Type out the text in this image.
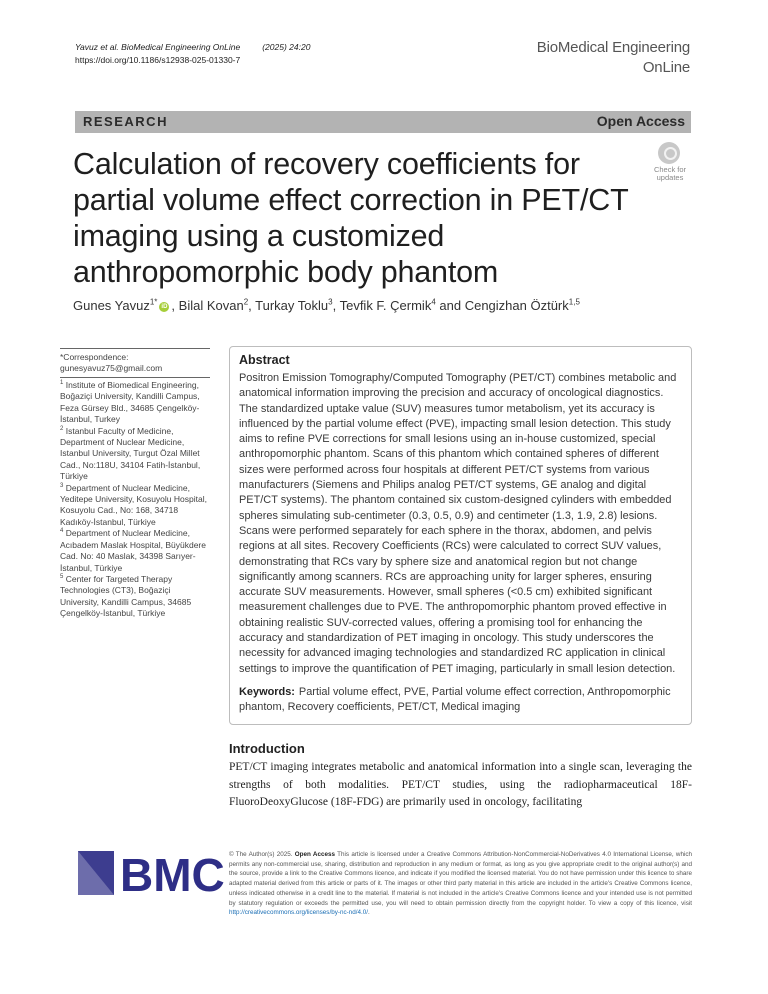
Yavuz et al. BioMedical Engineering OnLine	(2025) 24:20
https://doi.org/10.1186/s12938-025-01330-7
BioMedical Engineering
OnLine
RESEARCH	Open Access
Calculation of recovery coefficients for partial volume effect correction in PET/CT imaging using a customized anthropomorphic body phantom
Check for
updates
Gunes Yavuz$^{1*}$ iD , Bilal Kovan$^2$, Turkay Toklu$^3$, Tevfik F. Çermik$^4$ and Cengizhan Öztürk$^{1,5}$
*Correspondence:
gunesyavuz75@gmail.com
$^1$ Institute of Biomedical Engineering, Boğaziçi University, Kandilli Campus, Feza Gürsey Bld., 34685 Çengelköy-İstanbul, Turkey
$^2$ Istanbul Faculty of Medicine, Department of Nuclear Medicine, Istanbul University, Turgut Özal Millet Cad., No:118U, 34104 Fatih-İstanbul, Türkiye
$^3$ Department of Nuclear Medicine, Yeditepe University, Kosuyolu Hospital, Kosuyolu Cad., No: 168, 34718 Kadıköy-İstanbul, Türkiye
$^4$ Department of Nuclear Medicine, Acıbadem Maslak Hospital, Büyükdere Cad. No: 40 Maslak, 34398 Sarıyer-İstanbul, Türkiye
$^5$ Center for Targeted Therapy Technologies (CT3), Boğaziçi University, Kandilli Campus, 34685 Çengelköy-İstanbul, Türkiye
Abstract
Positron Emission Tomography/Computed Tomography (PET/CT) combines metabolic and anatomical information improving the precision and accuracy of oncological diagnostics. The standardized uptake value (SUV) measures tumor metabolism, yet its accuracy is influenced by the partial volume effect (PVE), impacting small lesion detection. This study aims to refine PVE corrections for small lesions using an in-house customized, special anthropomorphic phantom. Scans of this phantom which contained spheres of different sizes were performed across four hospitals at different PET/CT systems from various manufacturers (Siemens and Philips analog PET/CT systems, GE analog and digital PET/CT systems). The phantom contained six custom-designed cylinders with embedded spheres simulating sub-centimeter (0.3, 0.5, 0.9) and centimeter (1.3, 1.9, 2.8) lesions. Scans were performed separately for each sphere in the thorax, abdomen, and pelvis regions at all sites. Recovery Coefficients (RCs) were calculated to correct SUV values, demonstrating that RCs vary by sphere size and anatomical region but not change significantly among scanners. RCs are approaching unity for larger spheres, ensuring accurate SUV measurements. However, small spheres (<0.5 cm) exhibited significant measurement challenges due to PVE. The anthropomorphic phantom proved effective in obtaining realistic SUV-corrected values, offering a promising tool for enhancing the accuracy and standardization of PET imaging in oncology. This study underscores the necessity for advanced imaging technologies and standardized RC application in clinical settings to improve the quantification of PET imaging, particularly in small lesion detection.
Keywords: Partial volume effect, PVE, Partial volume effect correction, Anthropomorphic phantom, Recovery coefficients, PET/CT, Medical imaging
Introduction
PET/CT imaging integrates metabolic and anatomical information into a single scan, leveraging the strengths of both modalities. PET/CT studies, using the radiopharmaceutical 18F-FluoroDeoxyGlucose (18F-FDG) are primarily used in oncology, facilitating
BMC © The Author(s) 2025. Open Access This article is licensed under a Creative Commons Attribution-NonCommercial-NoDerivatives 4.0 International License, which permits any non-commercial use, sharing, distribution and reproduction in any medium or format, as long as you give appropriate credit to the original author(s) and the source, provide a link to the Creative Commons licence, and indicate if you modified the licensed material. You do not have permission under this licence to share adapted material derived from this article or parts of it. The images or other third party material in this article are included in the article's Creative Commons licence, unless indicated otherwise in a credit line to the material. If material is not included in the article's Creative Commons licence and your intended use is not permitted by statutory regulation or exceeds the permitted use, you will need to obtain permission directly from the copyright holder. To view a copy of this licence, visit http://creativecommons.org/licenses/by-nc-nd/4.0/.
